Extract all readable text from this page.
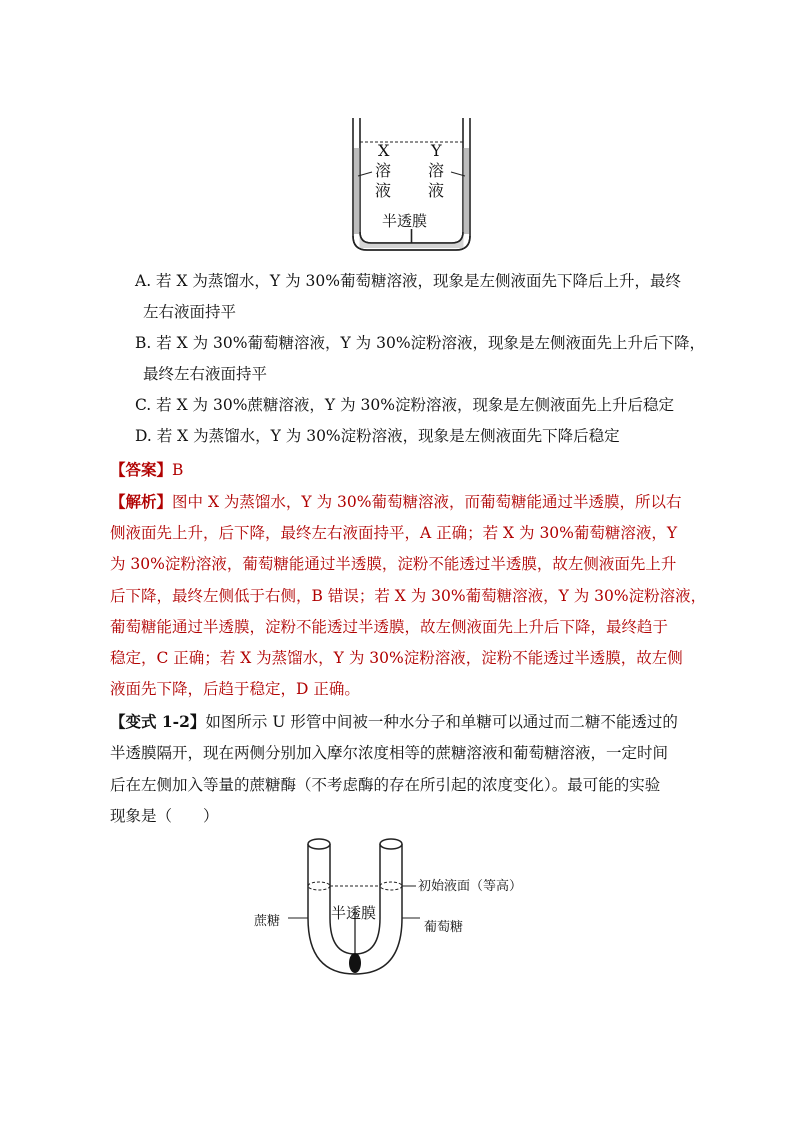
X
溶
液
Y
溶
液
半透膜
A. 若 X 为蒸馏水，Y 为 30%葡萄糖溶液，现象是左侧液面先下降后上升，最终
左右液面持平
B. 若 X 为 30%葡萄糖溶液，Y 为 30%淀粉溶液，现象是左侧液面先上升后下降，
最终左右液面持平
C. 若 X 为 30%蔗糖溶液，Y 为 30%淀粉溶液，现象是左侧液面先上升后稳定
D. 若 X 为蒸馏水，Y 为 30%淀粉溶液，现象是左侧液面先下降后稳定
【答案】B
【解析】图中 X 为蒸馏水，Y 为 30%葡萄糖溶液，而葡萄糖能通过半透膜，所以右
侧液面先上升，后下降，最终左右液面持平，A 正确；若 X 为 30%葡萄糖溶液，Y
为 30%淀粉溶液，葡萄糖能通过半透膜，淀粉不能透过半透膜，故左侧液面先上升
后下降，最终左侧低于右侧，B 错误；若 X 为 30%葡萄糖溶液，Y 为 30%淀粉溶液，
葡萄糖能通过半透膜，淀粉不能透过半透膜，故左侧液面先上升后下降，最终趋于
稳定，C 正确；若 X 为蒸馏水，Y 为 30%淀粉溶液，淀粉不能透过半透膜，故左侧
液面先下降，后趋于稳定，D 正确。
【变式 1-2】如图所示 U 形管中间被一种水分子和单糖可以通过而二糖不能透过的
半透膜隔开，现在两侧分别加入摩尔浓度相等的蔗糖溶液和葡萄糖溶液，一定时间
后在左侧加入等量的蔗糖酶（不考虑酶的存在所引起的浓度变化）。最可能的实验
现象是（　　）
初始液面（等高）
半透膜
蔗糖	葡萄糖
